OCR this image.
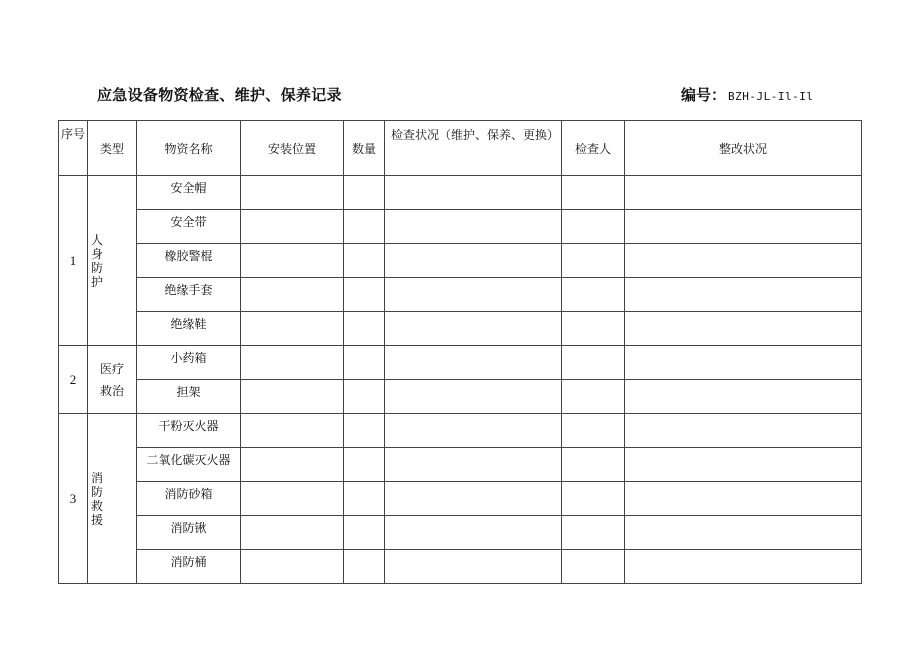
应急设备物资检查、维护、保养记录	编号： BZH-JL-Il-Il
序号	类型	物资名称	安装位置	数量	检查状况（维护、保养、更换）	检查人	整改状况
1	人身防护	安全帽					
		安全带					
		橡胶警棍					
		绝缘手套					
		绝缘鞋					
2	医疗救治	小药箱					
		担架					
3	消防救援	干粉灭火器					
		二氧化碳灭火器					
		消防砂箱					
		消防锹					
		消防桶					
